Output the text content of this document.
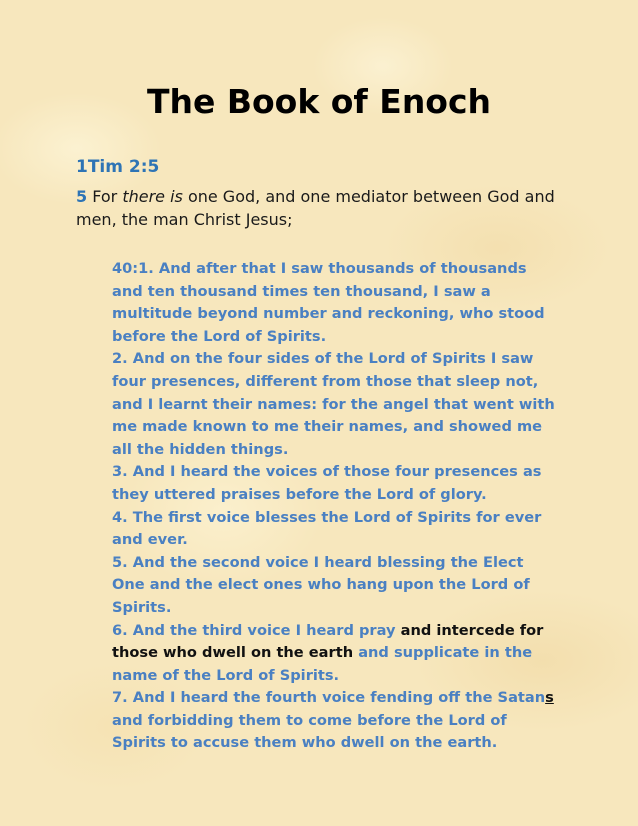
The Book of Enoch
1Tim 2:5

5 For there is one God, and one mediator between God and men, the man Christ Jesus;

40:1. And after that I saw thousands of thousands and ten thousand times ten thousand, I saw a multitude beyond number and reckoning, who stood before the Lord of Spirits.

2. And on the four sides of the Lord of Spirits I saw four presences, different from those that sleep not, and I learnt their names: for the angel that went with me made known to me their names, and showed me all the hidden things.

3. And I heard the voices of those four presences as they uttered praises before the Lord of glory.

4. The first voice blesses the Lord of Spirits for ever and ever.

5. And the second voice I heard blessing the Elect One and the elect ones who hang upon the Lord of Spirits.

6. And the third voice I heard pray and intercede for those who dwell on the earth and supplicate in the name of the Lord of Spirits.

7. And I heard the fourth voice fending off the Satans and forbidding them to come before the Lord of Spirits to accuse them who dwell on the earth.
